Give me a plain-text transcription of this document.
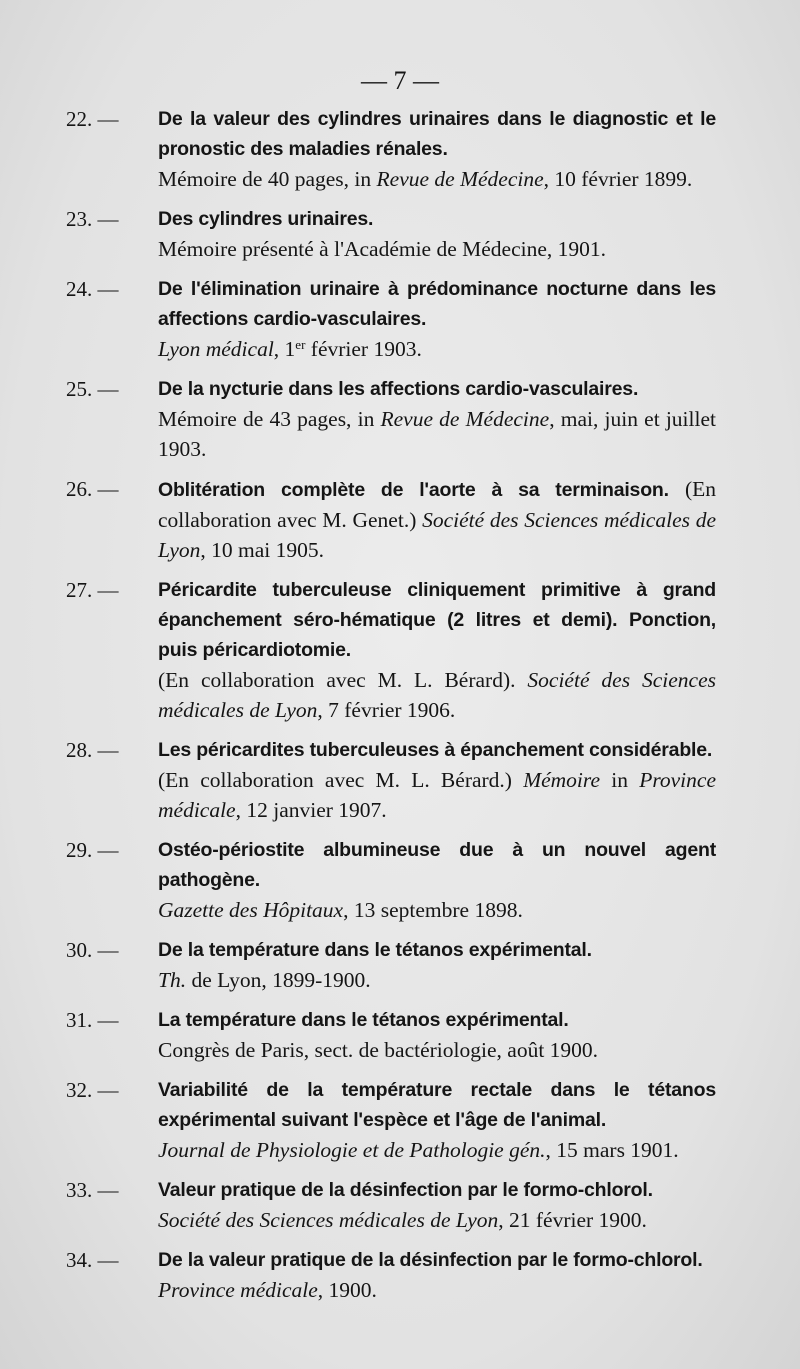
— 7 —
22. —	De la valeur des cylindres urinaires dans le diagnostic et le pronostic des maladies rénales.
Mémoire de 40 pages, in Revue de Médecine, 10 février 1899.
23. —	Des cylindres urinaires.
Mémoire présenté à l'Académie de Médecine, 1901.
24. —	De l'élimination urinaire à prédominance nocturne dans les affections cardio-vasculaires.
Lyon médical, 1er février 1903.
25. —	De la nycturie dans les affections cardio-vasculaires.
Mémoire de 43 pages, in Revue de Médecine, mai, juin et juillet 1903.
26. —	Oblitération complète de l'aorte à sa terminaison. (En collaboration avec M. Genet.) Société des Sciences médicales de Lyon, 10 mai 1905.
27. —	Péricardite tuberculeuse cliniquement primitive à grand épanchement séro-hématique (2 litres et demi). Ponction, puis péricardiotomie.
(En collaboration avec M. L. Bérard). Société des Sciences médicales de Lyon, 7 février 1906.
28. —	Les péricardites tuberculeuses à épanchement considérable.
(En collaboration avec M. L. Bérard.) Mémoire in Province médicale, 12 janvier 1907.
29. —	Ostéo-périostite albumineuse due à un nouvel agent pathogène.
Gazette des Hôpitaux, 13 septembre 1898.
30. —	De la température dans le tétanos expérimental.
Th. de Lyon, 1899-1900.
31. —	La température dans le tétanos expérimental.
Congrès de Paris, sect. de bactériologie, août 1900.
32. —	Variabilité de la température rectale dans le tétanos expérimental suivant l'espèce et l'âge de l'animal.
Journal de Physiologie et de Pathologie gén., 15 mars 1901.
33. —	Valeur pratique de la désinfection par le formo-chlorol.
Société des Sciences médicales de Lyon, 21 février 1900.
34. —	De la valeur pratique de la désinfection par le formo-chlorol.
Province médicale, 1900.
